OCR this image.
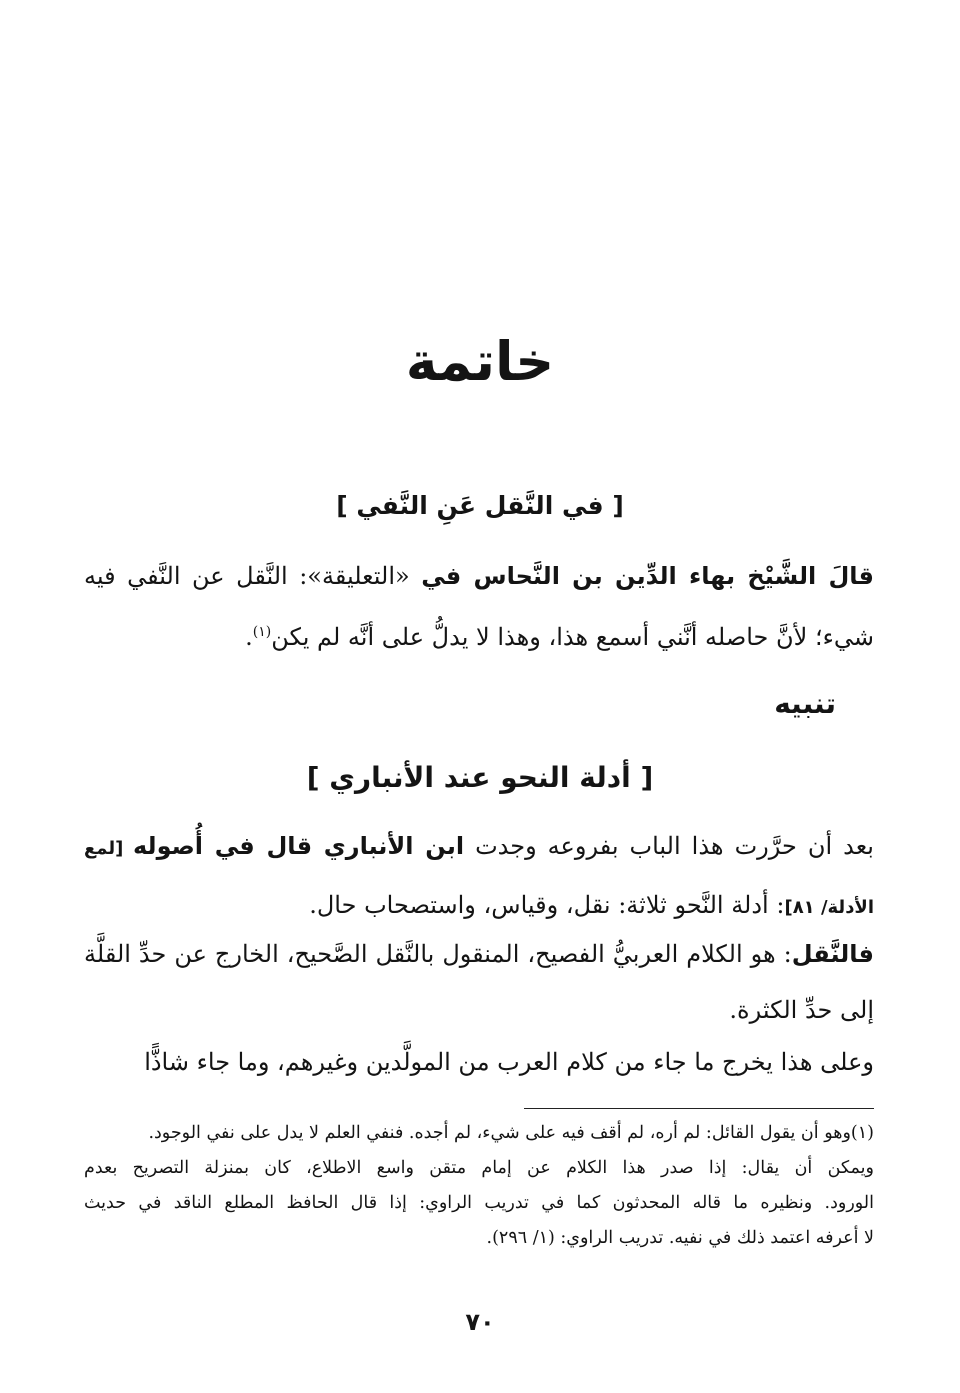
خاتمة
[ في النَّقل عَنِ النَّفي ]
قالَ الشَّيْخ بهاء الدِّين بن النَّحاس في «التعليقة»: النَّقل عن النَّفي فيه شيء؛ لأنَّ حاصله أنَّني أسمع هذا، وهذا لا يدلُّ على أنَّه لم يكن$^{(١)}$.
تنبيه
[ أدلة النحو عند الأنباري ]
بعد أن حرَّرت هذا الباب بفروعه وجدت ابن الأنباري قال في أُصوله [لمع الأدلة/ ٨١]: أدلة النَّحو ثلاثة: نقل، وقياس، واستصحاب حال.
فالنَّقل: هو الكلام العربيُّ الفصيح، المنقول بالنَّقل الصَّحيح، الخارج عن حدِّ القلَّة إلى حدِّ الكثرة.
وعلى هذا يخرج ما جاء من كلام العرب من المولَّدين وغيرهم، وما جاء شاذًّا
(١)وهو أن يقول القائل: لم أره، لم أقف فيه على شيء، لم أجده. فنفي العلم لا يدل على نفي الوجود.
ويمكن أن يقال: إذا صدر هذا الكلام عن إمام متقن واسع الاطلاع، كان بمنزلة التصريح بعدم
الورود. ونظيره ما قاله المحدثون كما في تدريب الراوي: إذا قال الحافظ المطلع الناقد في حديث
لا أعرفه اعتمد ذلك في نفيه. تدريب الراوي: (١/ ٢٩٦).
٧٠
